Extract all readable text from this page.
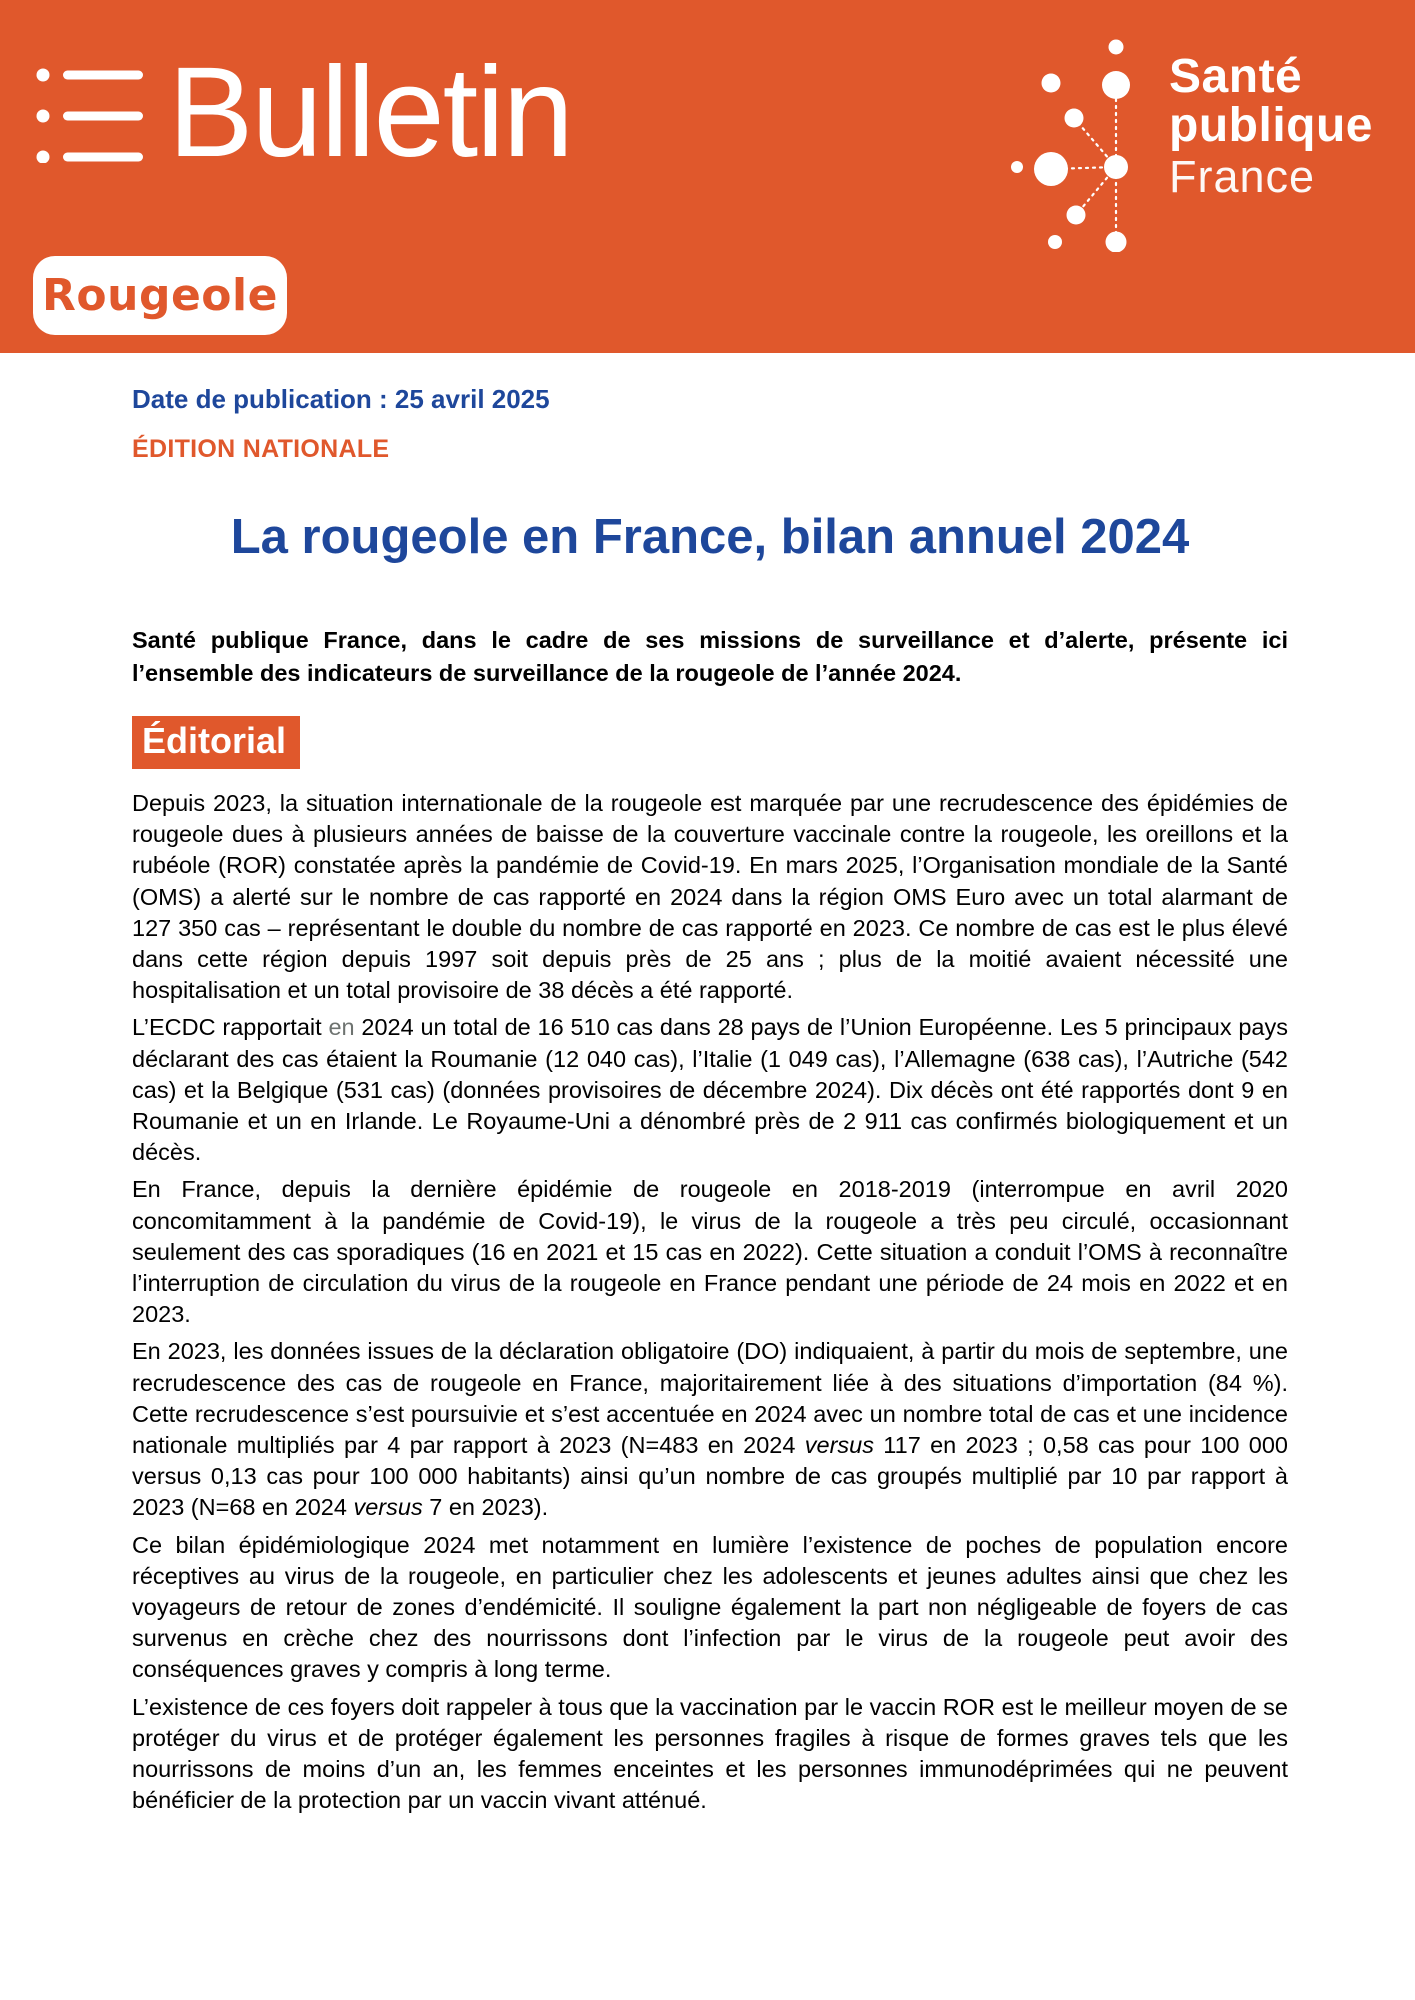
Bulletin	Santé
publique
France
Rougeole
Date de publication : 25 avril 2025
ÉDITION NATIONALE
La rougeole en France, bilan annuel 2024
Santé publique France, dans le cadre de ses missions de surveillance et d’alerte, présente ici l’ensemble des indicateurs de surveillance de la rougeole de l’année 2024.
Éditorial

Depuis 2023, la situation internationale de la rougeole est marquée par une recrudescence des épidémies de rougeole dues à plusieurs années de baisse de la couverture vaccinale contre la rougeole, les oreillons et la rubéole (ROR) constatée après la pandémie de Covid-19. En mars 2025, l’Organisation mondiale de la Santé (OMS) a alerté sur le nombre de cas rapporté en 2024 dans la région OMS Euro avec un total alarmant de 127 350 cas – représentant le double du nombre de cas rapporté en 2023. Ce nombre de cas est le plus élevé dans cette région depuis 1997 soit depuis près de 25 ans ; plus de la moitié avaient nécessité une hospitalisation et un total provisoire de 38 décès a été rapporté.

L’ECDC rapportait en 2024 un total de 16 510 cas dans 28 pays de l’Union Européenne. Les 5 principaux pays déclarant des cas étaient la Roumanie (12 040 cas), l’Italie (1 049 cas), l’Allemagne (638 cas), l’Autriche (542 cas) et la Belgique (531 cas) (données provisoires de décembre 2024). Dix décès ont été rapportés dont 9 en Roumanie et un en Irlande. Le Royaume-Uni a dénombré près de 2 911 cas confirmés biologiquement et un décès.

En France, depuis la dernière épidémie de rougeole en 2018-2019 (interrompue en avril 2020 concomitamment à la pandémie de Covid-19), le virus de la rougeole a très peu circulé, occasionnant seulement des cas sporadiques (16 en 2021 et 15 cas en 2022). Cette situation a conduit l’OMS à reconnaître l’interruption de circulation du virus de la rougeole en France pendant une période de 24 mois en 2022 et en 2023.

En 2023, les données issues de la déclaration obligatoire (DO) indiquaient, à partir du mois de septembre, une recrudescence des cas de rougeole en France, majoritairement liée à des situations d’importation (84 %). Cette recrudescence s’est poursuivie et s’est accentuée en 2024 avec un nombre total de cas et une incidence nationale multipliés par 4 par rapport à 2023 (N=483 en 2024 versus 117 en 2023 ; 0,58 cas pour 100 000 versus 0,13 cas pour 100 000 habitants) ainsi qu’un nombre de cas groupés multiplié par 10 par rapport à 2023 (N=68 en 2024 versus 7 en 2023).

Ce bilan épidémiologique 2024 met notamment en lumière l’existence de poches de population encore réceptives au virus de la rougeole, en particulier chez les adolescents et jeunes adultes ainsi que chez les voyageurs de retour de zones d’endémicité. Il souligne également la part non négligeable de foyers de cas survenus en crèche chez des nourrissons dont l’infection par le virus de la rougeole peut avoir des conséquences graves y compris à long terme.

L’existence de ces foyers doit rappeler à tous que la vaccination par le vaccin ROR est le meilleur moyen de se protéger du virus et de protéger également les personnes fragiles à risque de formes graves tels que les nourrissons de moins d’un an, les femmes enceintes et les personnes immunodéprimées qui ne peuvent bénéficier de la protection par un vaccin vivant atténué.
